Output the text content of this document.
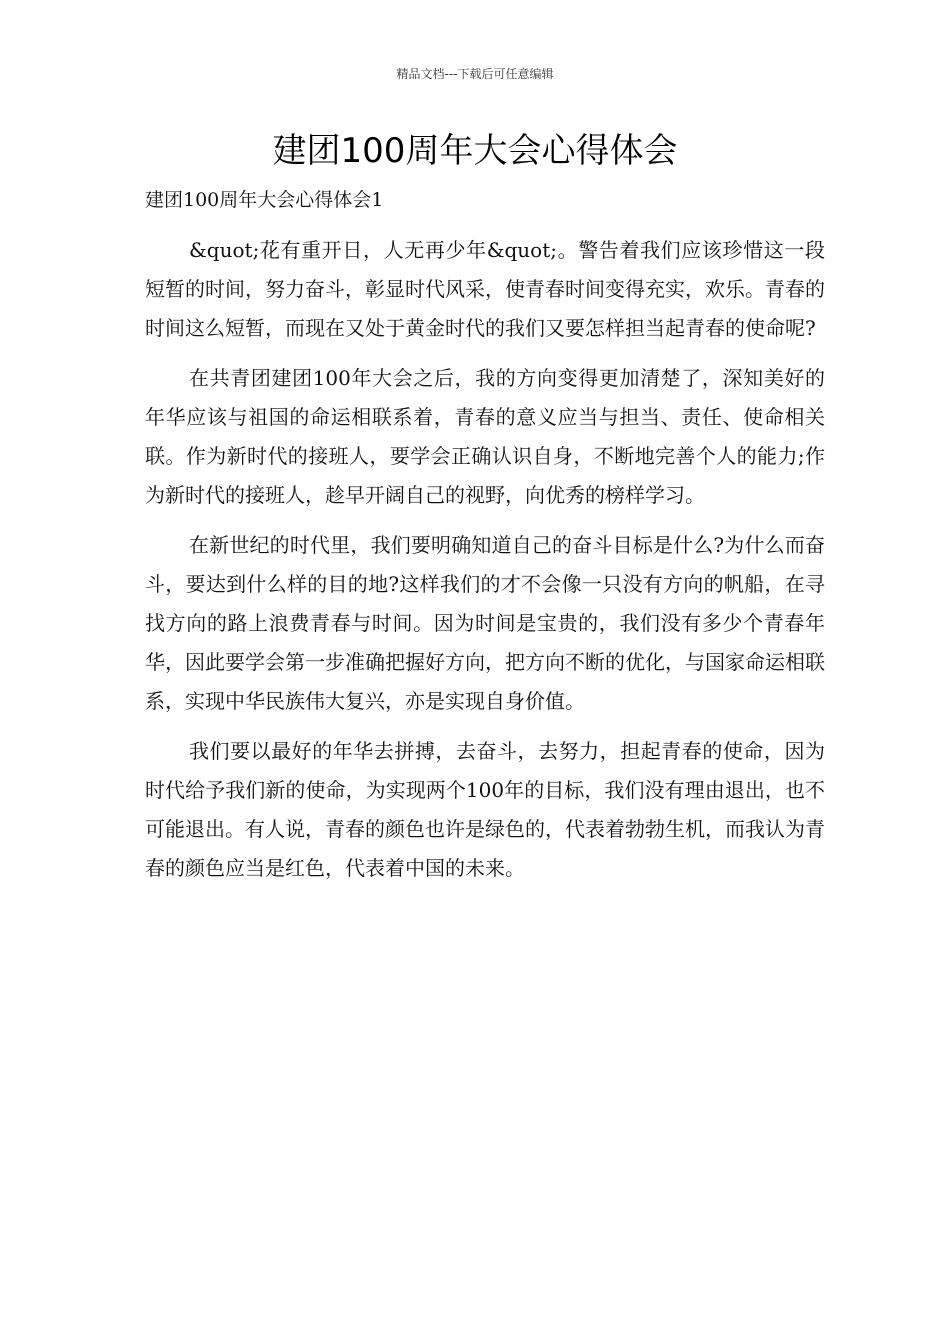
精品文档---下载后可任意编辑
建团100周年大会心得体会
建团100周年大会心得体会1

&quot;花有重开日，人无再少年&quot;。警告着我们应该珍惜这一段短暂的时间，努力奋斗，彰显时代风采，使青春时间变得充实，欢乐。青春的时间这么短暂，而现在又处于黄金时代的我们又要怎样担当起青春的使命呢?

在共青团建团100年大会之后，我的方向变得更加清楚了，深知美好的年华应该与祖国的命运相联系着，青春的意义应当与担当、责任、使命相关联。作为新时代的接班人，要学会正确认识自身，不断地完善个人的能力;作为新时代的接班人，趁早开阔自己的视野，向优秀的榜样学习。

在新世纪的时代里，我们要明确知道自己的奋斗目标是什么?为什么而奋斗，要达到什么样的目的地?这样我们的才不会像一只没有方向的帆船，在寻找方向的路上浪费青春与时间。因为时间是宝贵的，我们没有多少个青春年华，因此要学会第一步准确把握好方向，把方向不断的优化，与国家命运相联系，实现中华民族伟大复兴，亦是实现自身价值。

我们要以最好的年华去拼搏，去奋斗，去努力，担起青春的使命，因为时代给予我们新的使命，为实现两个100年的目标，我们没有理由退出，也不可能退出。有人说，青春的颜色也许是绿色的，代表着勃勃生机，而我认为青春的颜色应当是红色，代表着中国的未来。
